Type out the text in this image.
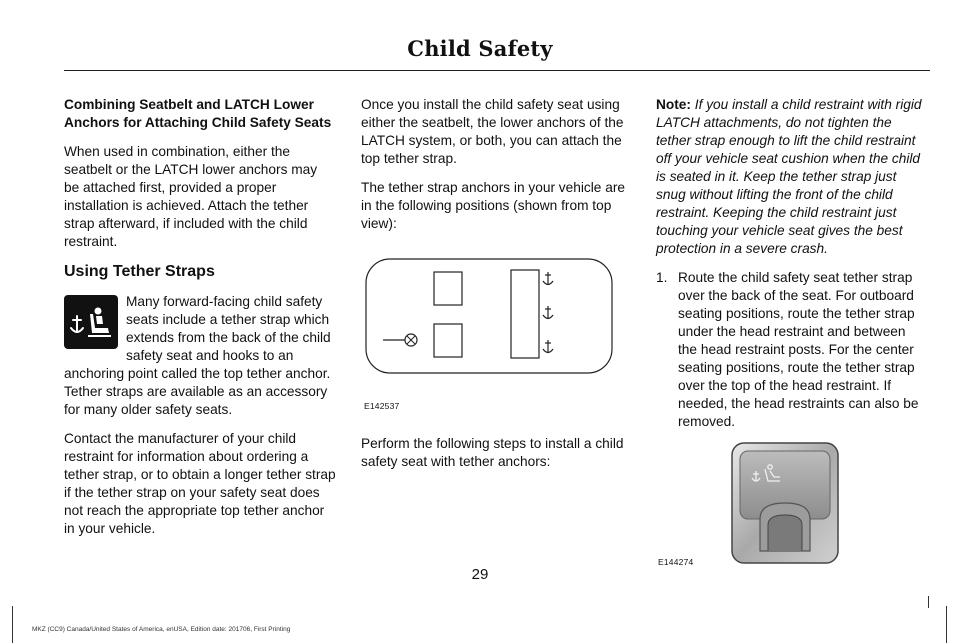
Child Safety
Combining Seatbelt and LATCH Lower Anchors for Attaching Child Safety Seats

When used in combination, either the seatbelt or the LATCH lower anchors may be attached first, provided a proper installation is achieved. Attach the tether strap afterward, if included with the child restraint.

Using Tether Straps

Many forward-facing child safety seats include a tether strap which extends from the back of the child safety seat and hooks to an anchoring point called the top tether anchor. Tether straps are available as an accessory for many older safety seats.

Contact the manufacturer of your child restraint for information about ordering a tether strap, or to obtain a longer tether strap if the tether strap on your safety seat does not reach the appropriate top tether anchor in your vehicle.

Once you install the child safety seat using either the seatbelt, the lower anchors of the LATCH system, or both, you can attach the top tether strap.

The tether strap anchors in your vehicle are in the following positions (shown from top view):

E142537

Perform the following steps to install a child safety seat with tether anchors:

Note: If you install a child restraint with rigid LATCH attachments, do not tighten the tether strap enough to lift the child restraint off your vehicle seat cushion when the child is seated in it. Keep the tether strap just snug without lifting the front of the child restraint. Keeping the child restraint just touching your vehicle seat gives the best protection in a severe crash.

1. Route the child safety seat tether strap over the back of the seat. For outboard seating positions, route the tether strap under the head restraint and between the head restraint posts. For the center seating positions, route the tether strap over the top of the head restraint. If needed, the head restraints can also be removed.
E144274
29
MKZ (CC9) Canada/United States of America, enUSA, Edition date: 201706, First Printing
